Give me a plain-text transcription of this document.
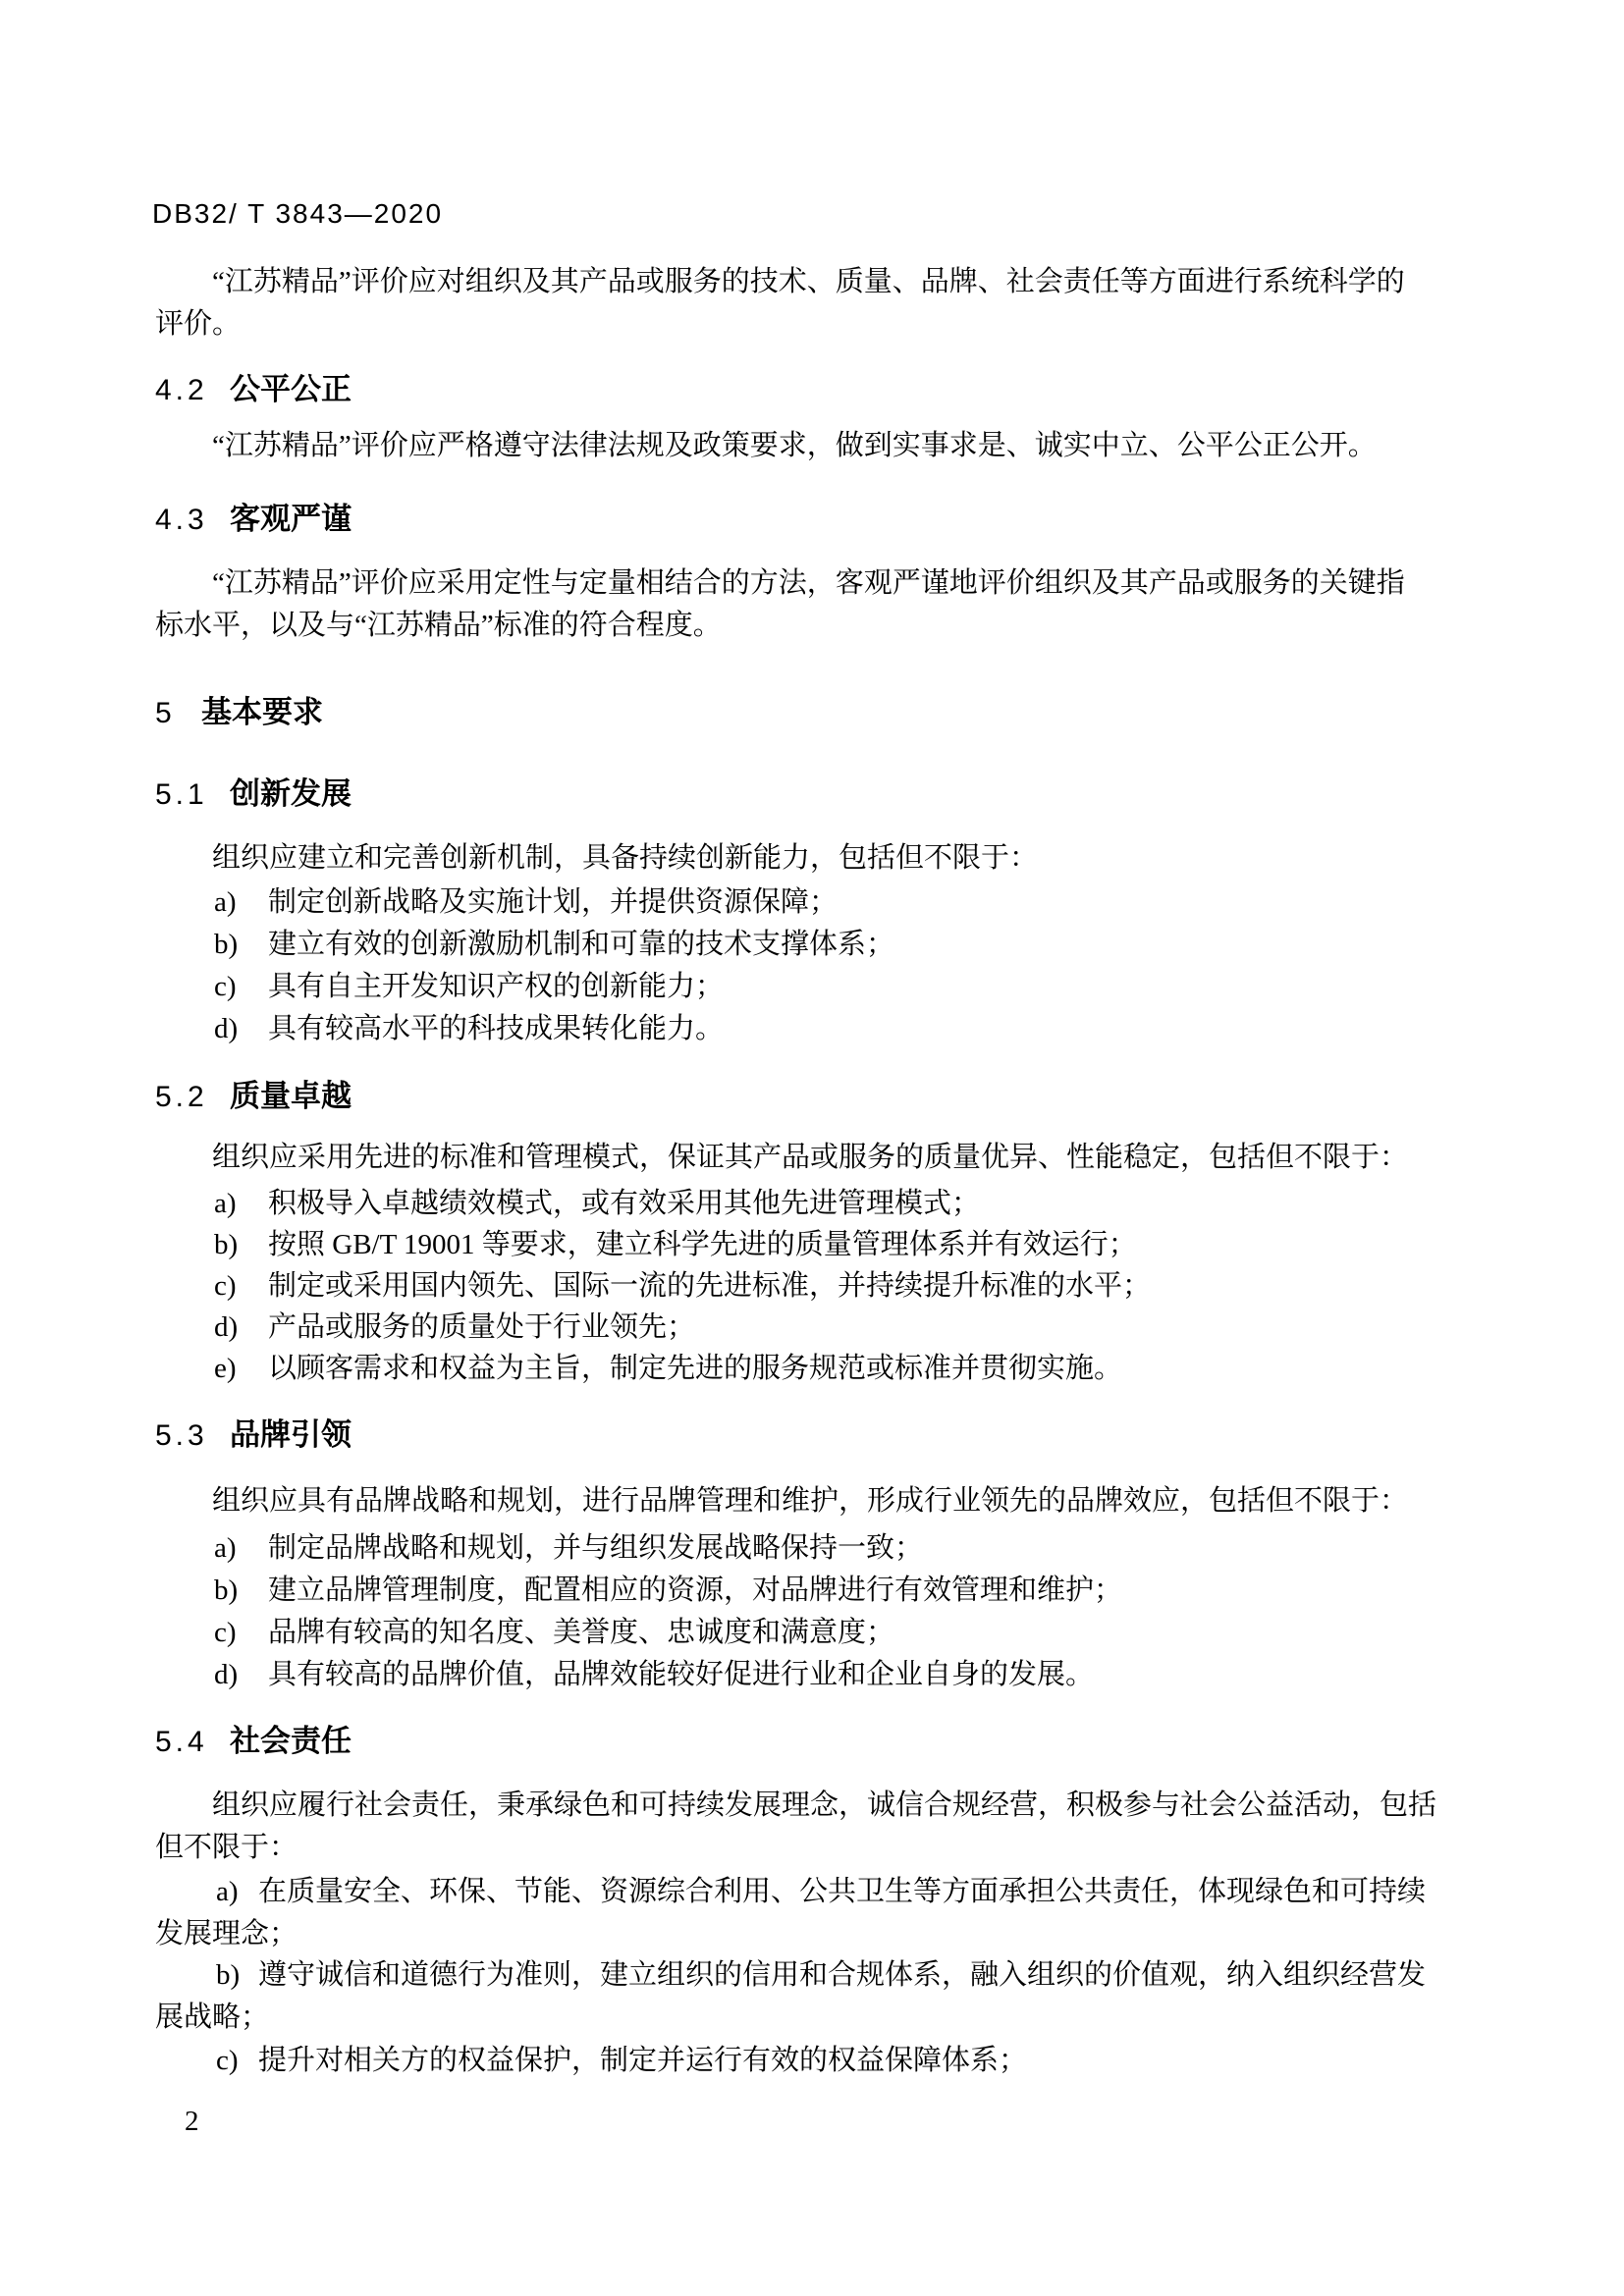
DB32/ T 3843—2020
“江苏精品”评价应对组织及其产品或服务的技术、质量、品牌、社会责任等方面进行系统科学的
评价。
4.2 公平公正
“江苏精品”评价应严格遵守法律法规及政策要求，做到实事求是、诚实中立、公平公正公开。
4.3 客观严谨
“江苏精品”评价应采用定性与定量相结合的方法，客观严谨地评价组织及其产品或服务的关键指
标水平，以及与“江苏精品”标准的符合程度。
5 基本要求
5.1 创新发展
组织应建立和完善创新机制，具备持续创新能力，包括但不限于：
a) 制定创新战略及实施计划，并提供资源保障；
b) 建立有效的创新激励机制和可靠的技术支撑体系；
c) 具有自主开发知识产权的创新能力；
d) 具有较高水平的科技成果转化能力。
5.2 质量卓越
组织应采用先进的标准和管理模式，保证其产品或服务的质量优异、性能稳定，包括但不限于：
a) 积极导入卓越绩效模式，或有效采用其他先进管理模式；
b) 按照 GB/T 19001 等要求，建立科学先进的质量管理体系并有效运行；
c) 制定或采用国内领先、国际一流的先进标准，并持续提升标准的水平；
d) 产品或服务的质量处于行业领先；
e) 以顾客需求和权益为主旨，制定先进的服务规范或标准并贯彻实施。
5.3 品牌引领
组织应具有品牌战略和规划，进行品牌管理和维护，形成行业领先的品牌效应，包括但不限于：
a) 制定品牌战略和规划，并与组织发展战略保持一致；
b) 建立品牌管理制度，配置相应的资源，对品牌进行有效管理和维护；
c) 品牌有较高的知名度、美誉度、忠诚度和满意度；
d) 具有较高的品牌价值，品牌效能较好促进行业和企业自身的发展。
5.4 社会责任
组织应履行社会责任，秉承绿色和可持续发展理念，诚信合规经营，积极参与社会公益活动，包括
但不限于：
a) 在质量安全、环保、节能、资源综合利用、公共卫生等方面承担公共责任，体现绿色和可持续
发展理念；
b) 遵守诚信和道德行为准则，建立组织的信用和合规体系，融入组织的价值观，纳入组织经营发
展战略；
c) 提升对相关方的权益保护，制定并运行有效的权益保障体系；
2
